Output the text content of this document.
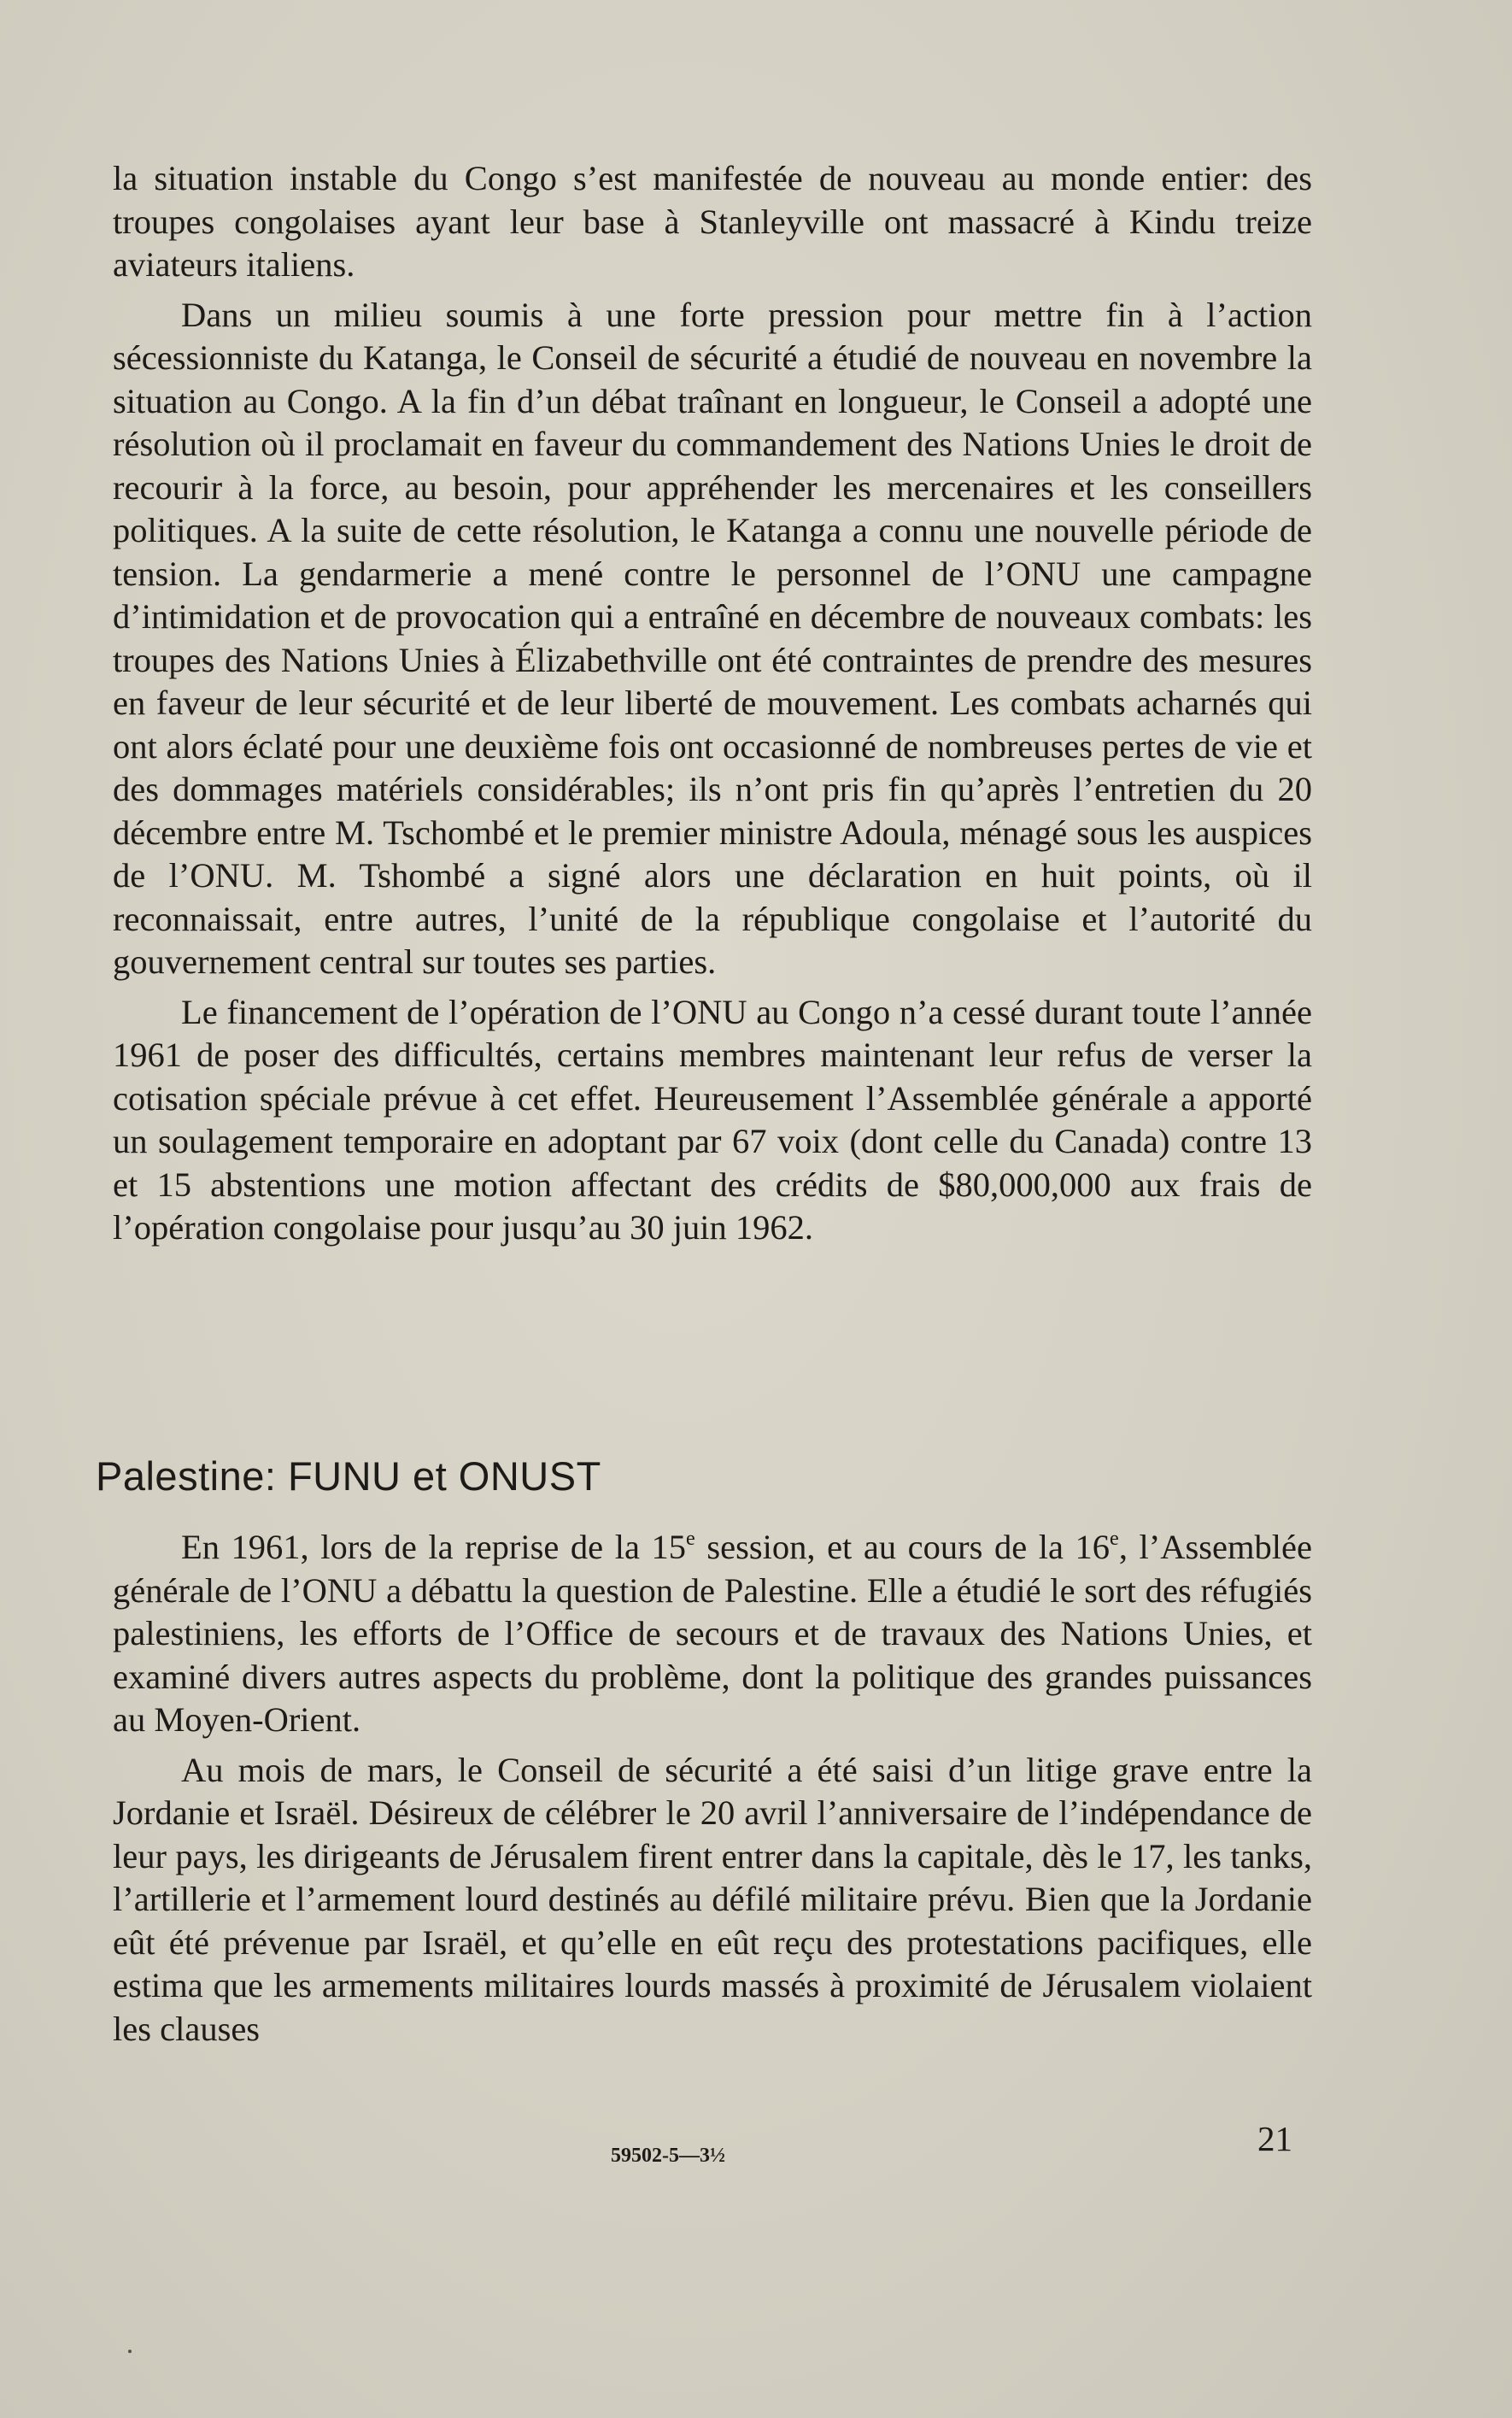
la situation instable du Congo s’est manifestée de nouveau au monde entier: des troupes congolaises ayant leur base à Stanleyville ont massacré à Kindu treize aviateurs italiens.

Dans un milieu soumis à une forte pression pour mettre fin à l’action sécessionniste du Katanga, le Conseil de sécurité a étudié de nouveau en novembre la situation au Congo. A la fin d’un débat traînant en longueur, le Conseil a adopté une résolution où il proclamait en faveur du commandement des Nations Unies le droit de recourir à la force, au besoin, pour appréhender les mercenaires et les conseillers politiques. A la suite de cette résolution, le Katanga a connu une nouvelle période de tension. La gendarmerie a mené contre le personnel de l’ONU une campagne d’intimidation et de provocation qui a entraîné en décembre de nouveaux combats: les troupes des Nations Unies à Élizabethville ont été contraintes de prendre des mesures en faveur de leur sécurité et de leur liberté de mouvement. Les combats acharnés qui ont alors éclaté pour une deuxième fois ont occasionné de nombreuses pertes de vie et des dommages matériels considérables; ils n’ont pris fin qu’après l’entretien du 20 décembre entre M. Tschombé et le premier ministre Adoula, ménagé sous les auspices de l’ONU. M. Tshombé a signé alors une déclaration en huit points, où il reconnaissait, entre autres, l’unité de la république congolaise et l’autorité du gouvernement central sur toutes ses parties.

Le financement de l’opération de l’ONU au Congo n’a cessé durant toute l’année 1961 de poser des difficultés, certains membres maintenant leur refus de verser la cotisation spéciale prévue à cet effet. Heureusement l’Assemblée générale a apporté un soulagement temporaire en adoptant par 67 voix (dont celle du Canada) contre 13 et 15 abstentions une motion affectant des crédits de $80,000,000 aux frais de l’opération congolaise pour jusqu’au 30 juin 1962.

Palestine: FUNU et ONUST

En 1961, lors de la reprise de la 15e session, et au cours de la 16e, l’Assemblée générale de l’ONU a débattu la question de Palestine. Elle a étudié le sort des réfugiés palestiniens, les efforts de l’Office de secours et de travaux des Nations Unies, et examiné divers autres aspects du problème, dont la politique des grandes puissances au Moyen-Orient.

Au mois de mars, le Conseil de sécurité a été saisi d’un litige grave entre la Jordanie et Israël. Désireux de célébrer le 20 avril l’anniversaire de l’indépendance de leur pays, les dirigeants de Jérusalem firent entrer dans la capitale, dès le 17, les tanks, l’artillerie et l’armement lourd destinés au défilé militaire prévu. Bien que la Jordanie eût été prévenue par Israël, et qu’elle en eût reçu des protestations pacifiques, elle estima que les armements militaires lourds massés à proximité de Jérusalem violaient les clauses

21
59502-5—3½
